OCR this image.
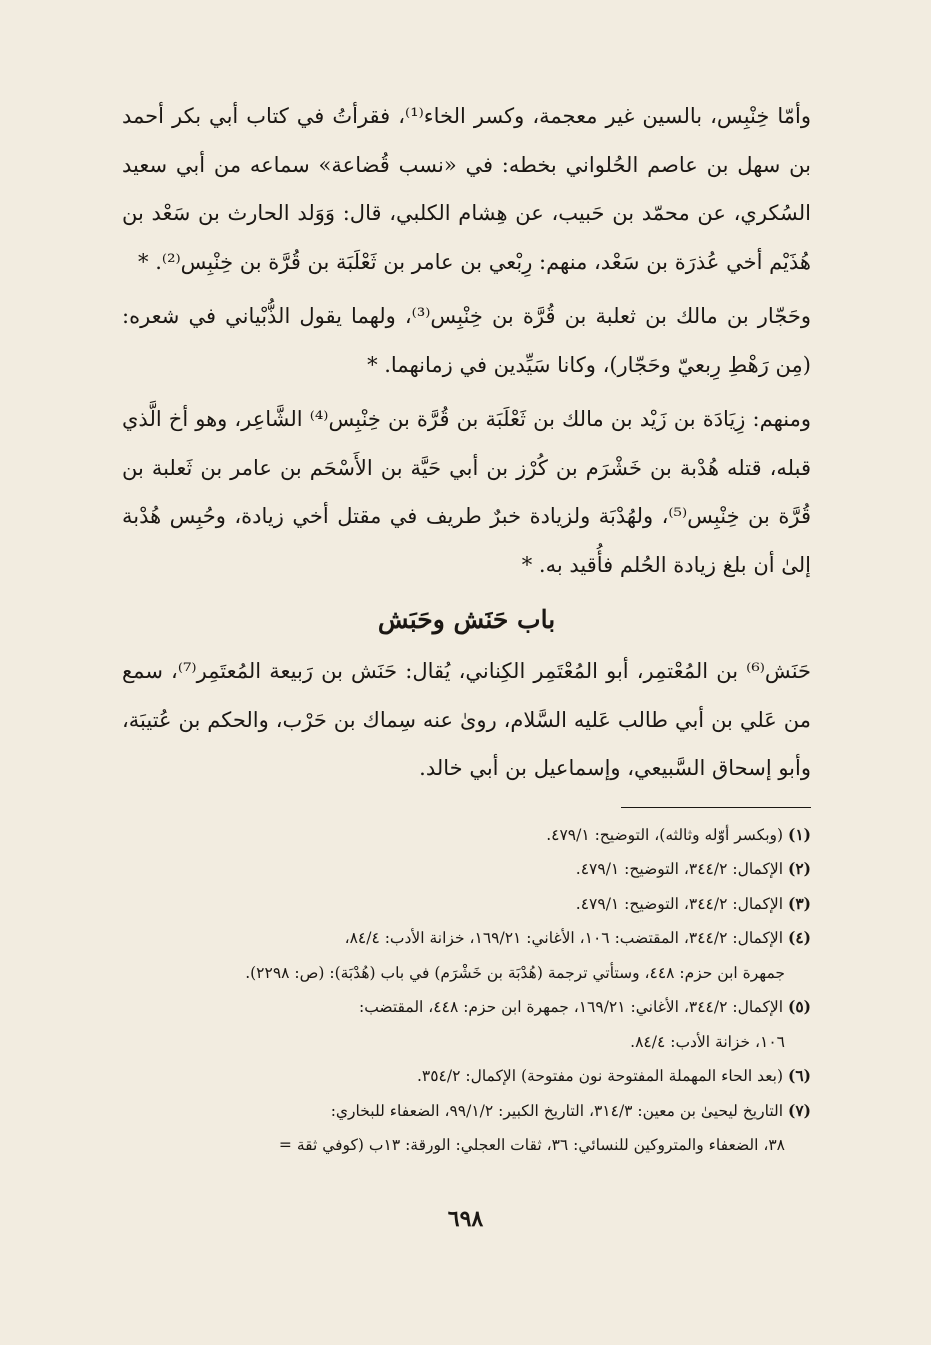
وأمّا خِنْبِس، بالسين غير معجمة، وكسر الخاء⁽¹⁾، فقرأتُ في كتاب أبي بكر أحمد بن سهل بن عاصم الحُلواني بخطه: في «نسب قُضاعة» سماعه من أبي سعيد السُكري، عن محمّد بن حَبيب، عن هِشام الكلبي، قال: وَوَلد الحارث بن سَعْد بن هُذَيْم أخي عُذرَة بن سَعْد، منهم: رِبْعي بن عامر بن ثَعْلَبَة بن قُرَّة بن خِنْبِس⁽²⁾. *

وحَجّار بن مالك بن ثعلبة بن قُرَّة بن خِنْبِس⁽³⁾، ولهما يقول الذُّبْياني في شعره: (مِن رَهْطِ رِبعيّ وحَجّار)، وكانا سَيِّدين في زمانهما. *

ومنهم: زِيَادَة بن زَيْد بن مالك بن ثَعْلَبَة بن قُرَّة بن خِنْبِس⁽⁴⁾ الشَّاعِر، وهو أخ الَّذي قبله، قتله هُدْبة بن خَشْرَم بن كُرْز بن أبي حَيَّة بن الأَسْحَم بن عامر بن ثَعلبة بن قُرَّة بن خِنْبِس⁽⁵⁾، ولهُدْبَة ولزيادة خبرٌ طريف في مقتل أخي زيادة، وحُبِس هُدْبة إلىٰ أن بلغ زيادة الحُلم فأُقيد به. *

باب حَنَش وحَبَش

حَنَش⁽⁶⁾ بن المُعْتمِر، أبو المُعْتَمِر الكِناني، يُقال: حَنَش بن رَبيعة المُعتَمِر⁽⁷⁾، سمع من عَلي بن أبي طالب عَليه السَّلام، روىٰ عنه سِماك بن حَرْب، والحكم بن عُتيبَة، وأبو إسحاق السَّبيعي، وإسماعيل بن أبي خالد.

(١) (وبكسر أوّله وثالثه)، التوضيح: ٤٧٩/١.

(٢) الإكمال: ٣٤٤/٢، التوضيح: ٤٧٩/١.

(٣) الإكمال: ٣٤٤/٢، التوضيح: ٤٧٩/١.

(٤) الإكمال: ٣٤٤/٢، المقتضب: ١٠٦، الأغاني: ١٦٩/٢١، خزانة الأدب: ٨٤/٤،

جمهرة ابن حزم: ٤٤٨، وستأتي ترجمة (هُدْبَة بن خَشْرَم) في باب (هُدْبَة): (ص: ٢٢٩٨).

(٥) الإكمال: ٣٤٤/٢، الأغاني: ١٦٩/٢١، جمهرة ابن حزم: ٤٤٨، المقتضب:

١٠٦، خزانة الأدب: ٨٤/٤.

(٦) (بعد الحاء المهملة المفتوحة نون مفتوحة) الإكمال: ٣٥٤/٢.

(٧) التاريخ ليحيىٰ بن معين: ٣١٤/٣، التاريخ الكبير: ٩٩/١/٢، الضعفاء للبخاري:

٣٨، الضعفاء والمتروكين للنسائي: ٣٦، ثقات العجلي: الورقة: ١٣ب (كوفي ثقة =

٦٩٨
